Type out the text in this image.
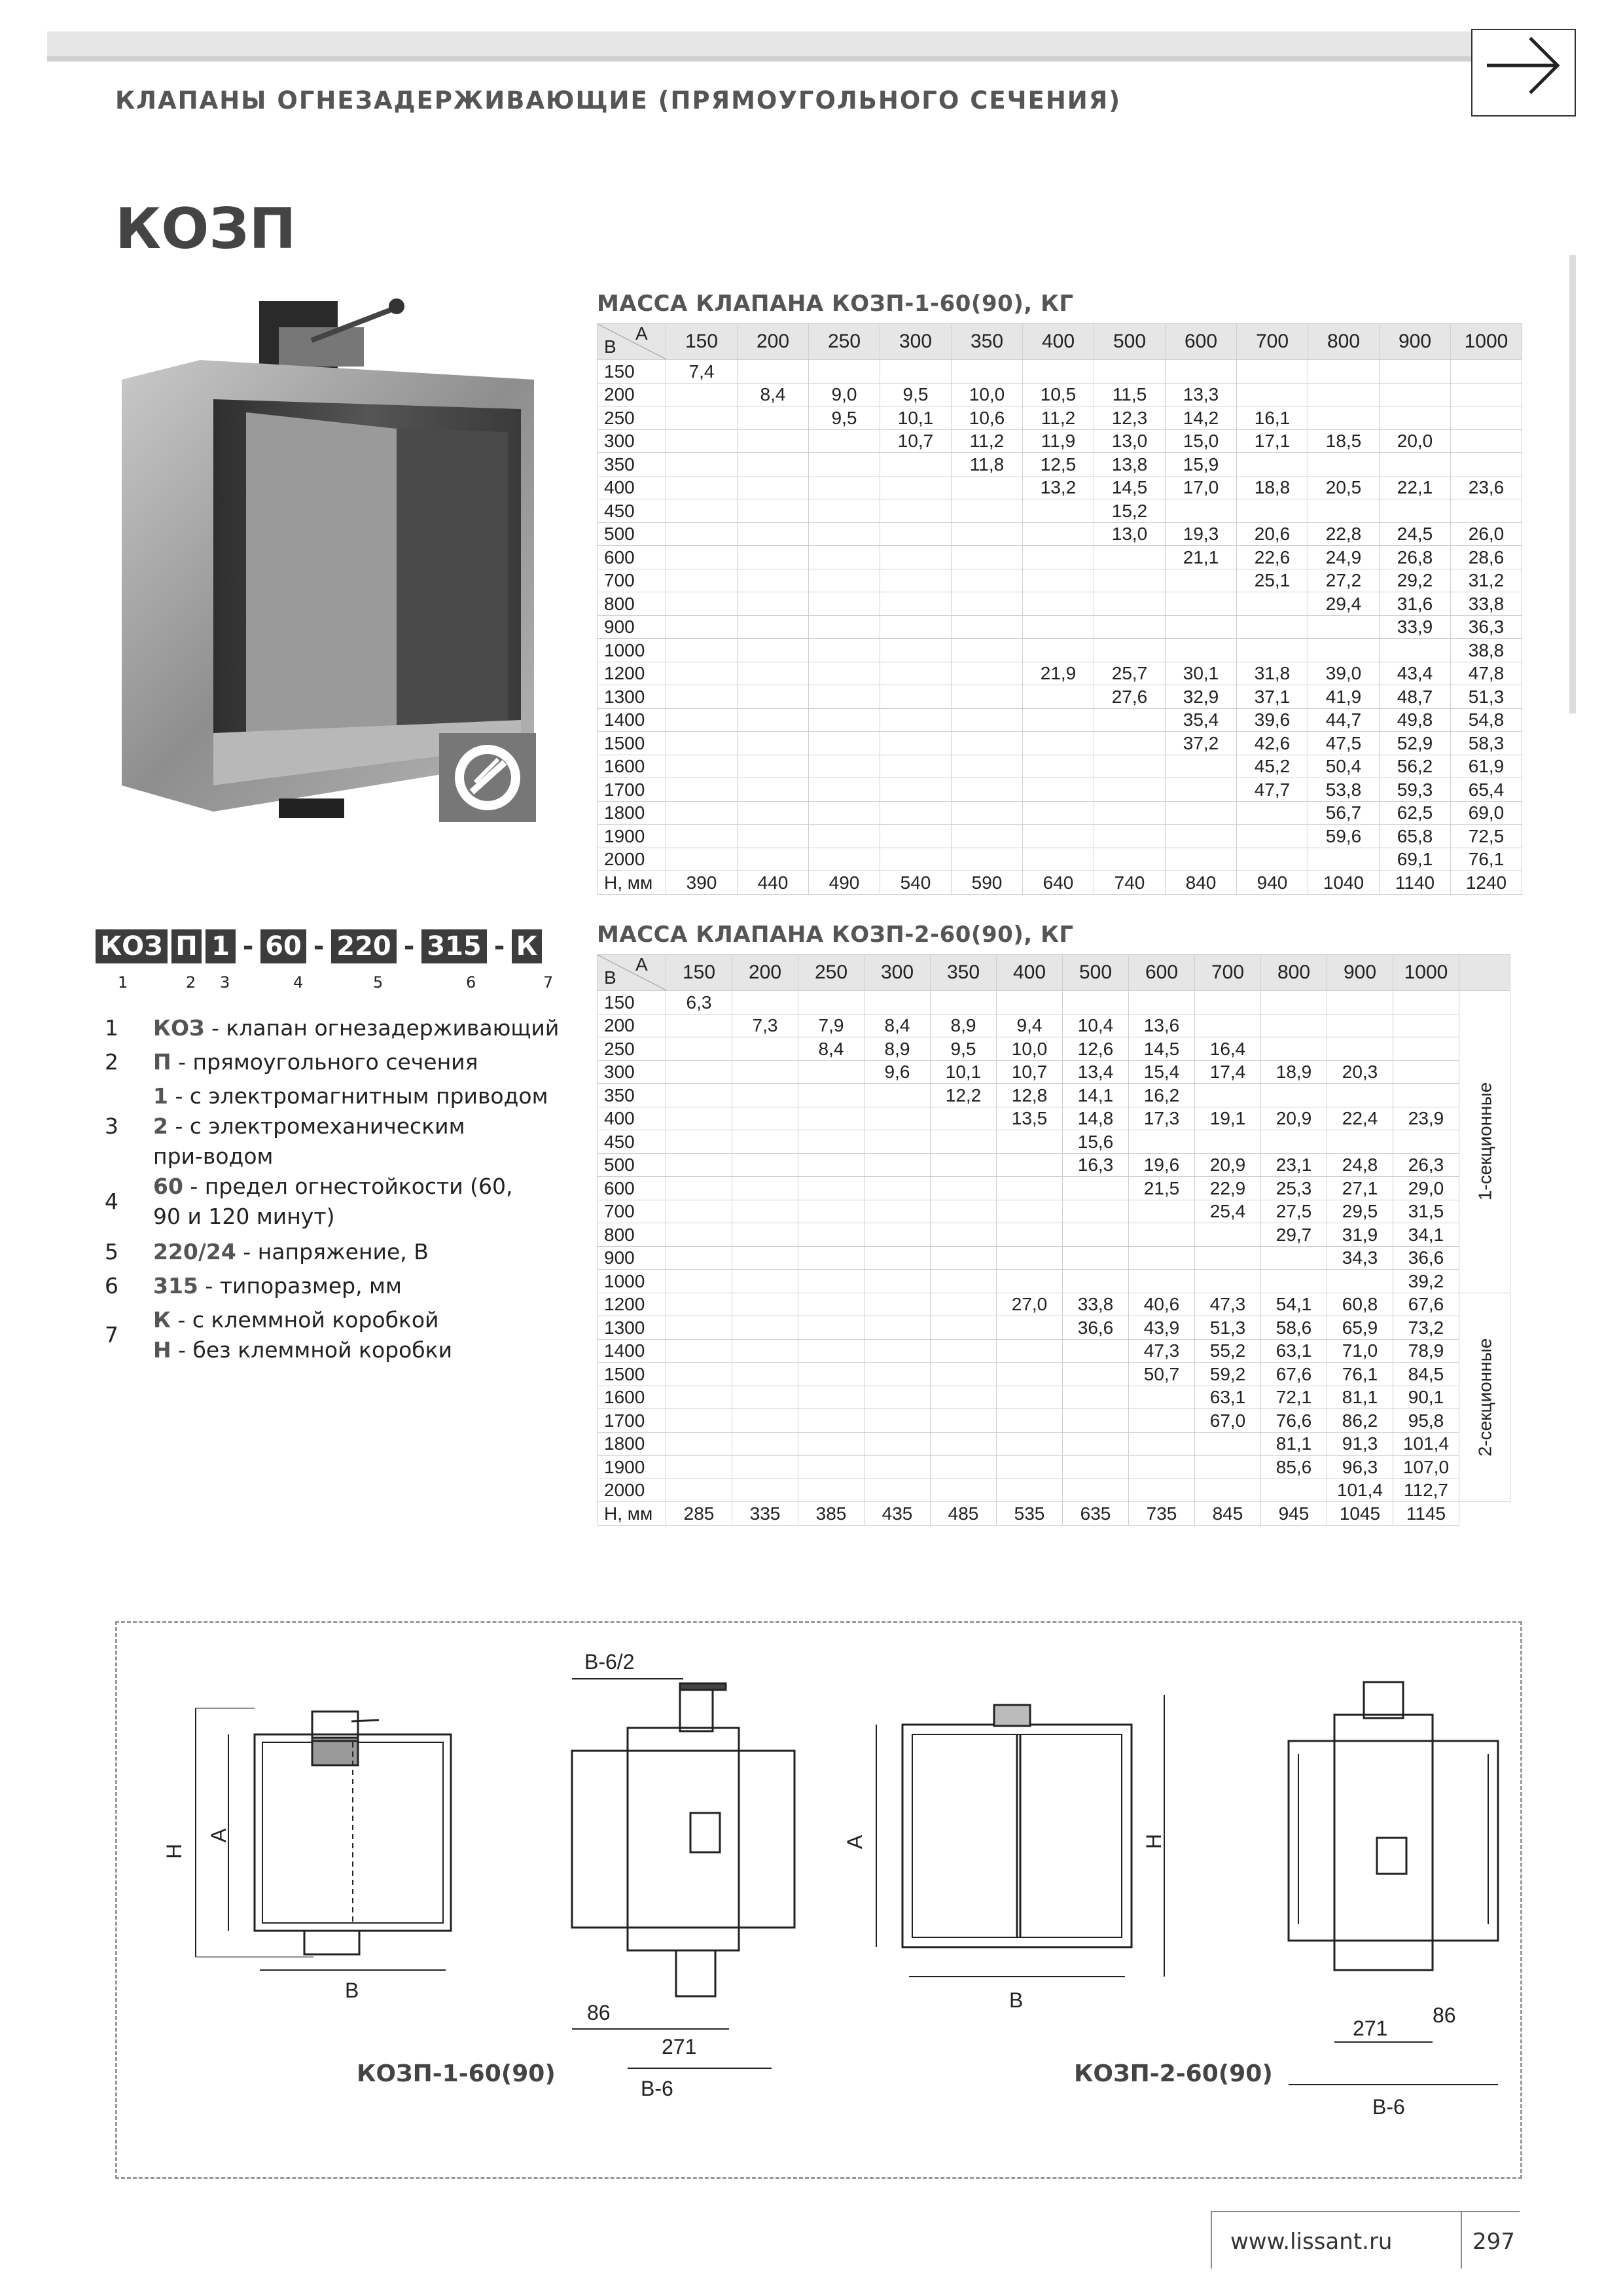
КЛАПАНЫ ОГНЕЗАДЕРЖИВАЮЩИЕ (ПРЯМОУГОЛЬНОГО СЕЧЕНИЯ)
КОЗП
МАССА КЛАПАНА КОЗП-1-60(90), КГ
A
B	150	200	250	300	350	400	500	600	700	800	900	1000
150	7,4											
200		8,4	9,0	9,5	10,0	10,5	11,5	13,3				
250			9,5	10,1	10,6	11,2	12,3	14,2	16,1			
300				10,7	11,2	11,9	13,0	15,0	17,1	18,5	20,0	
350					11,8	12,5	13,8	15,9				
400						13,2	14,5	17,0	18,8	20,5	22,1	23,6
450							15,2					
500							13,0	19,3	20,6	22,8	24,5	26,0
600								21,1	22,6	24,9	26,8	28,6
700									25,1	27,2	29,2	31,2
800										29,4	31,6	33,8
900											33,9	36,3
1000												38,8
1200						21,9	25,7	30,1	31,8	39,0	43,4	47,8
1300							27,6	32,9	37,1	41,9	48,7	51,3
1400								35,4	39,6	44,7	49,8	54,8
1500								37,2	42,6	47,5	52,9	58,3
1600									45,2	50,4	56,2	61,9
1700									47,7	53,8	59,3	65,4
1800										56,7	62,5	69,0
1900										59,6	65,8	72,5
2000											69,1	76,1
H, мм	390	440	490	540	590	640	740	840	940	1040	1140	1240
МАССА КЛАПАНА КОЗП-2-60(90), КГ
A
B	150	200	250	300	350	400	500	600	700	800	900	1000	
150	6,3												1-секционные

200		7,3	7,9	8,4	8,9	9,4	10,4	13,6					
250			8,4	8,9	9,5	10,0	12,6	14,5	16,4				
300				9,6	10,1	10,7	13,4	15,4	17,4	18,9	20,3		
350					12,2	12,8	14,1	16,2					
400						13,5	14,8	17,3	19,1	20,9	22,4	23,9	
450							15,6						
500							16,3	19,6	20,9	23,1	24,8	26,3	
600								21,5	22,9	25,3	27,1	29,0	
700									25,4	27,5	29,5	31,5	
800										29,7	31,9	34,1	
900											34,3	36,6	
1000												39,2	
1200						27,0	33,8	40,6	47,3	54,1	60,8	67,6	2-секционные

1300							36,6	43,9	51,3	58,6	65,9	73,2	
1400								47,3	55,2	63,1	71,0	78,9	
1500								50,7	59,2	67,6	76,1	84,5	
1600									63,1	72,1	81,1	90,1	
1700									67,0	76,6	86,2	95,8	
1800										81,1	91,3	101,4	
1900										85,6	96,3	107,0	
2000											101,4	112,7	
H, мм	285	335	385	435	485	535	635	735	845	945	1045	1145	
КОЗ П 1 - 60 - 220 - 315 - К
1	2 3	4	5	6	7
1	КОЗ - клапан огнезадерживающий
2	П - прямоугольного сечения
3
1 - с электромагнитным приводом
2 - с электромеханическим при-водом
4
60 - предел огнестойкости (60, 90 и 120 минут)
5	220/24 - напряжение, В
6	315 - типоразмер, мм
7
К - с клеммной коробкой
Н - без клеммной коробки
H
A
B
B-6/2
86
271
B-6
A	H
B
86
271
B-6
КОЗП-1-60(90)	КОЗП-2-60(90)
www.lissant.ru	297
